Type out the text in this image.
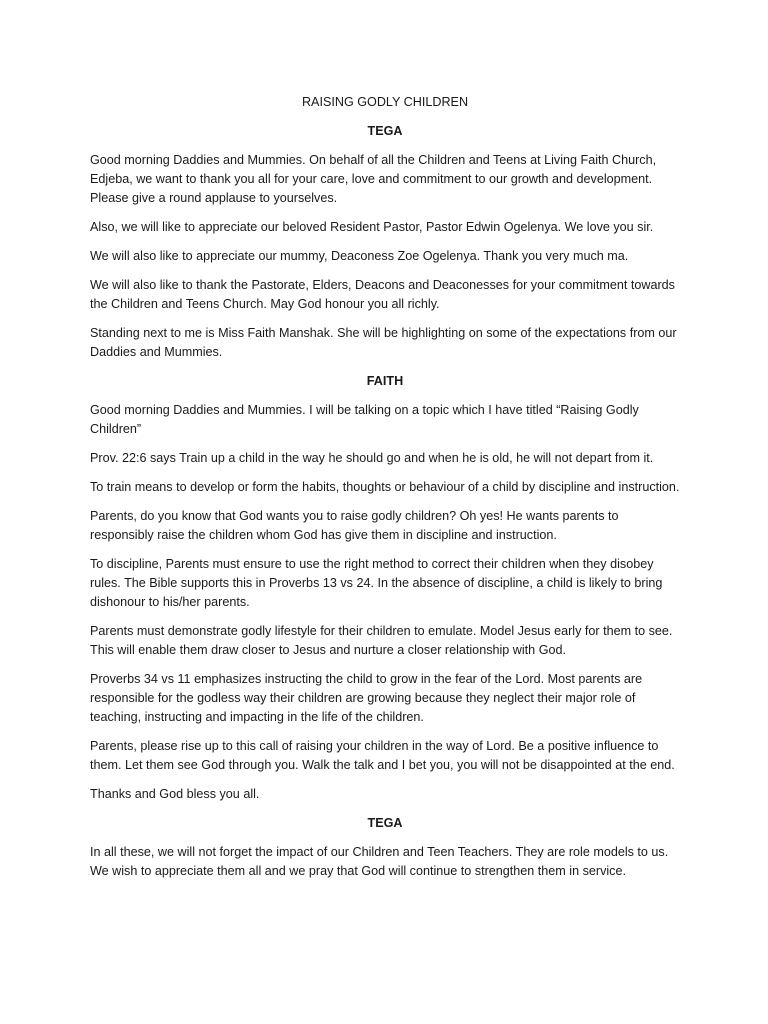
RAISING GODLY CHILDREN

TEGA

Good morning Daddies and Mummies. On behalf of all the Children and Teens at Living Faith Church, Edjeba, we want to thank you all for your care, love and commitment to our growth and development. Please give a round applause to yourselves.

Also, we will like to appreciate our beloved Resident Pastor, Pastor Edwin Ogelenya. We love you sir.

We will also like to appreciate our mummy, Deaconess Zoe Ogelenya. Thank you very much ma.

We will also like to thank the Pastorate, Elders, Deacons and Deaconesses for your commitment towards the Children and Teens Church. May God honour you all richly.

Standing next to me is Miss Faith Manshak. She will be highlighting on some of the expectations from our Daddies and Mummies.

FAITH

Good morning Daddies and Mummies. I will be talking on a topic which I have titled “Raising Godly Children”

Prov. 22:6 says Train up a child in the way he should go and when he is old, he will not depart from it.

To train means to develop or form the habits, thoughts or behaviour of a child by discipline and instruction.

Parents, do you know that God wants you to raise godly children? Oh yes! He wants parents to responsibly raise the children whom God has give them in discipline and instruction.

To discipline, Parents must ensure to use the right method to correct their children when they disobey rules. The Bible supports this in Proverbs 13 vs 24. In the absence of discipline, a child is likely to bring dishonour to his/her parents.

Parents must demonstrate godly lifestyle for their children to emulate. Model Jesus early for them to see. This will enable them draw closer to Jesus and nurture a closer relationship with God.

Proverbs 34 vs 11 emphasizes instructing the child to grow in the fear of the Lord. Most parents are responsible for the godless way their children are growing because they neglect their major role of teaching, instructing and impacting in the life of the children.

Parents, please rise up to this call of raising your children in the way of Lord. Be a positive influence to them. Let them see God through you. Walk the talk and I bet you, you will not be disappointed at the end.

Thanks and God bless you all.

TEGA

In all these, we will not forget the impact of our Children and Teen Teachers. They are role models to us. We wish to appreciate them all and we pray that God will continue to strengthen them in service.
